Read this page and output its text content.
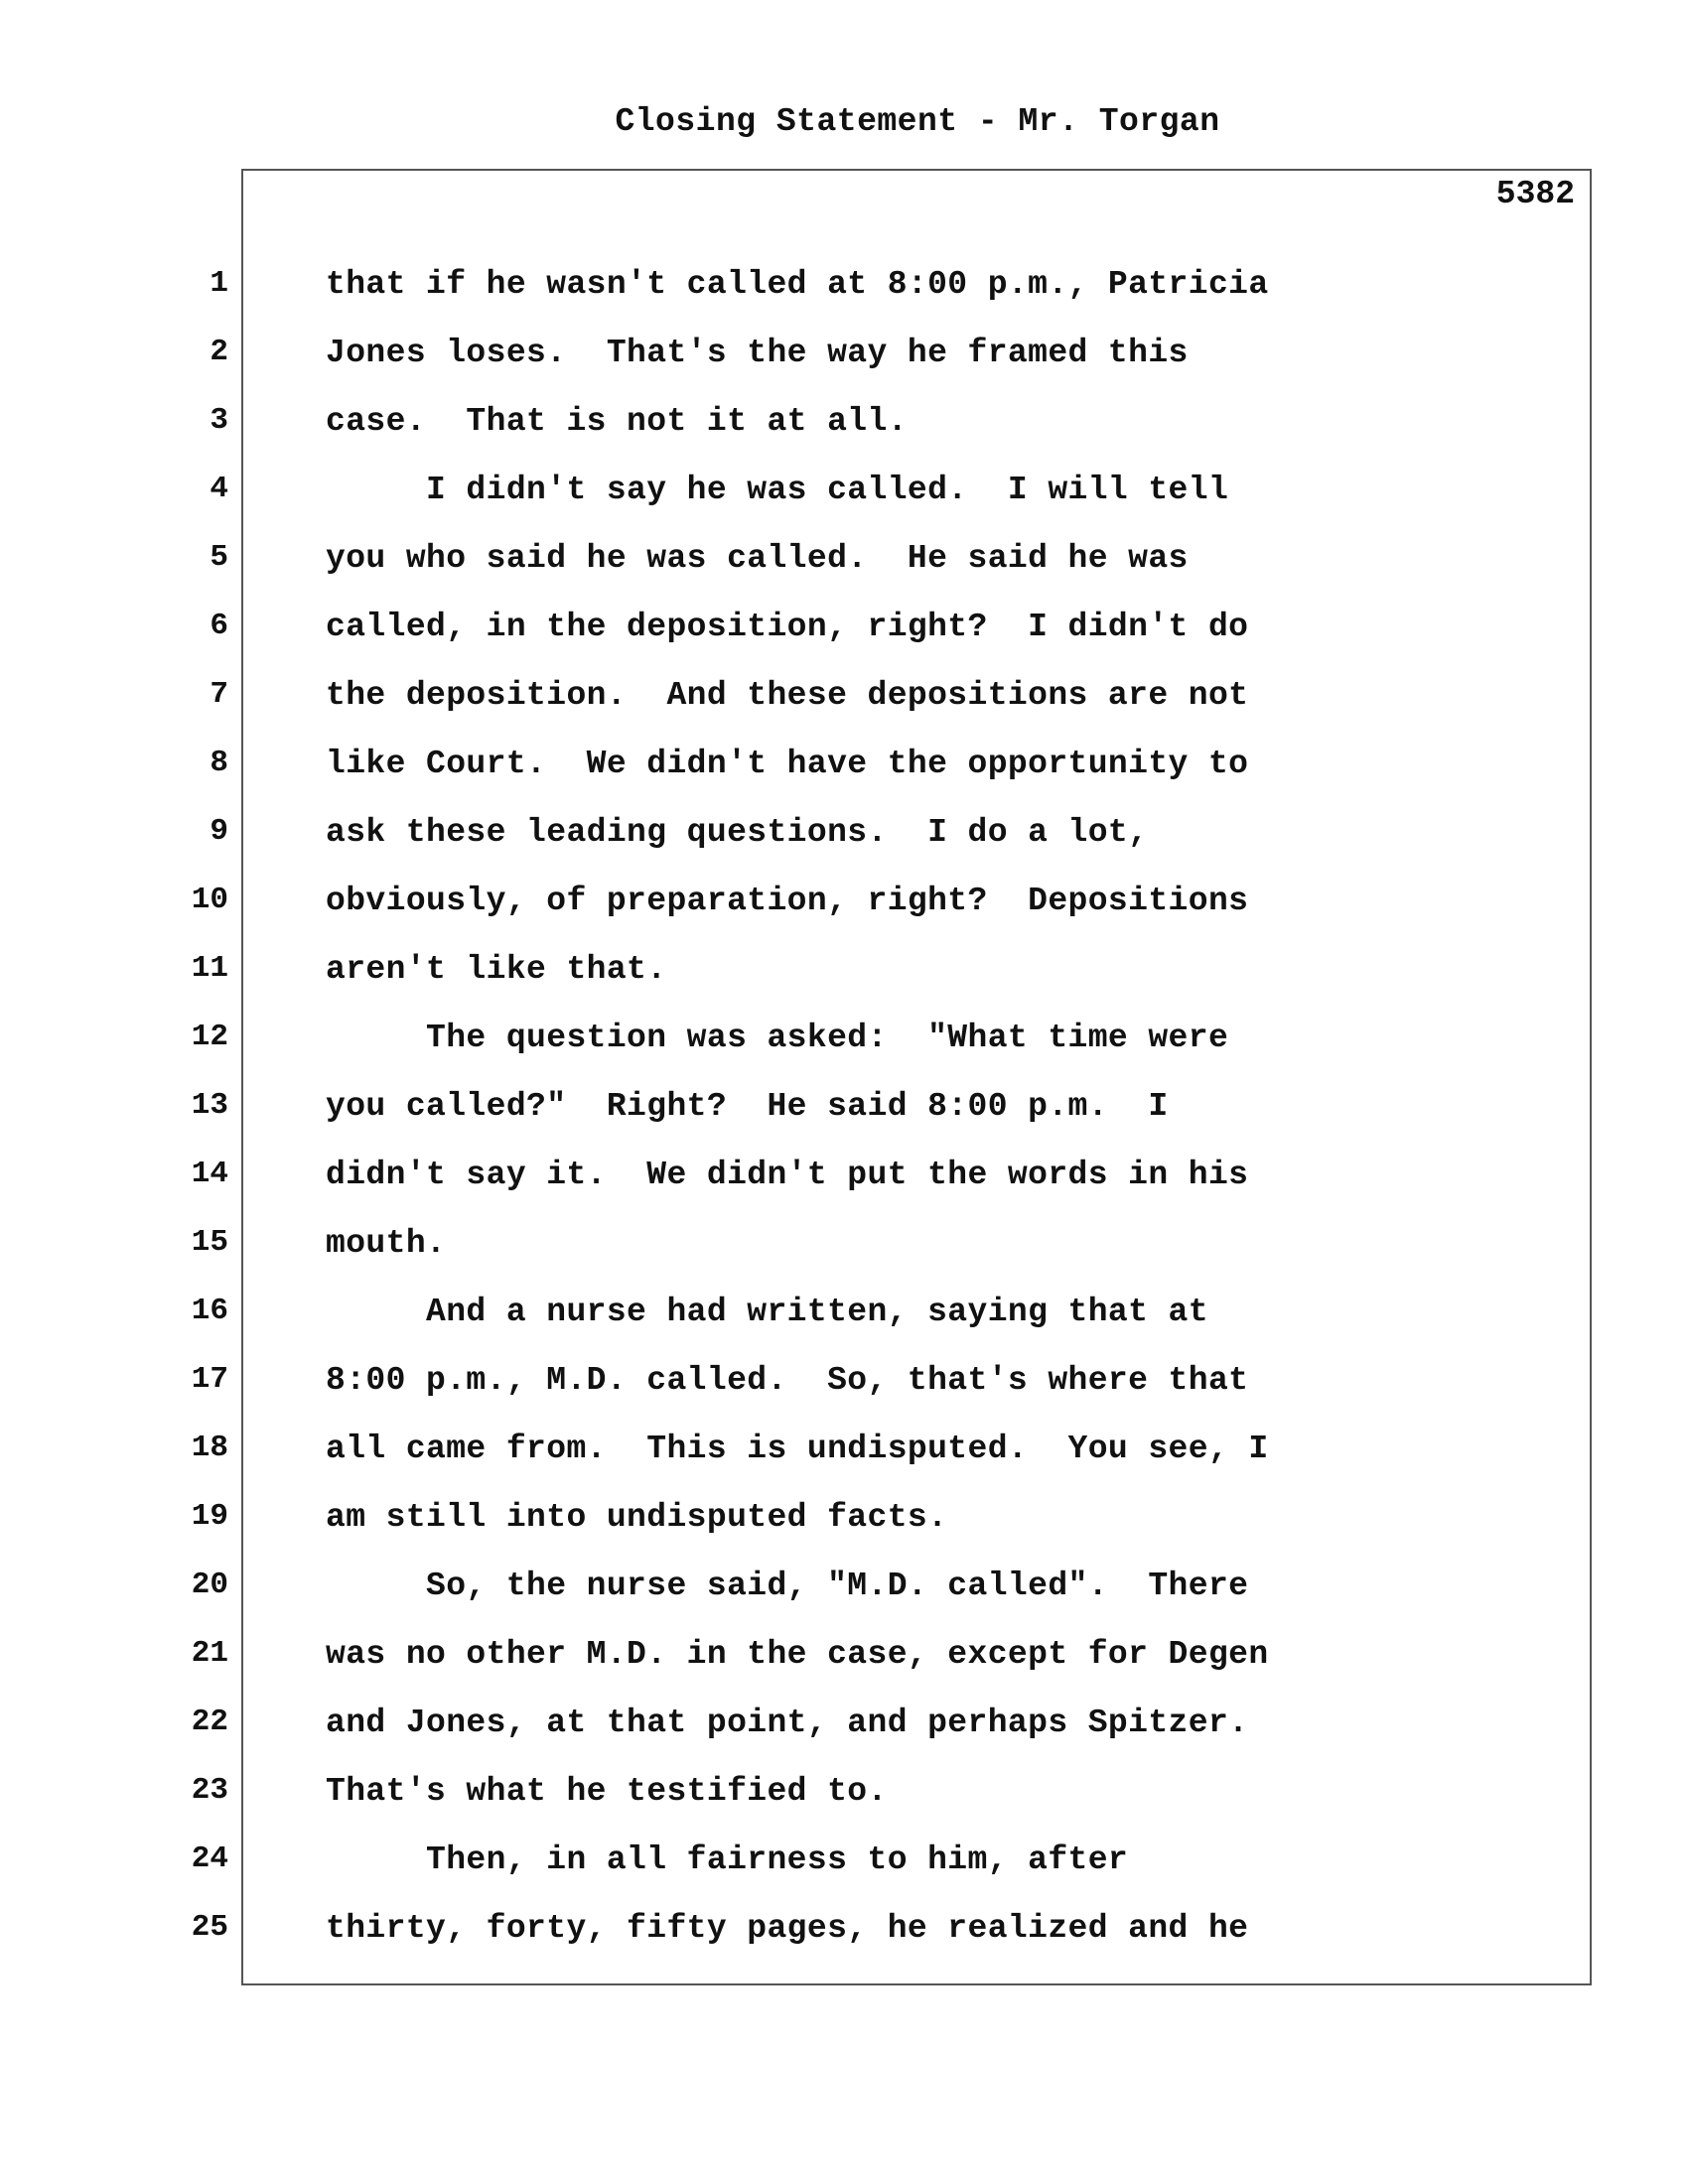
Closing Statement - Mr. Torgan
5382
1
2
3
4
5
6
7
8
9
10
11
12
13
14
15
16
17
18
19
20
21
22
23
24
25
that if he wasn't called at 8:00 p.m., Patricia
Jones loses.  That's the way he framed this
case.  That is not it at all.
I didn't say he was called.  I will tell
you who said he was called.  He said he was
called, in the deposition, right?  I didn't do
the deposition.  And these depositions are not
like Court.  We didn't have the opportunity to
ask these leading questions.  I do a lot,
obviously, of preparation, right?  Depositions
aren't like that.
The question was asked:  "What time were
you called?"  Right?  He said 8:00 p.m.  I
didn't say it.  We didn't put the words in his
mouth.
And a nurse had written, saying that at
8:00 p.m., M.D. called.  So, that's where that
all came from.  This is undisputed.  You see, I
am still into undisputed facts.
So, the nurse said, "M.D. called".  There
was no other M.D. in the case, except for Degen
and Jones, at that point, and perhaps Spitzer.
That's what he testified to.
Then, in all fairness to him, after
thirty, forty, fifty pages, he realized and he
